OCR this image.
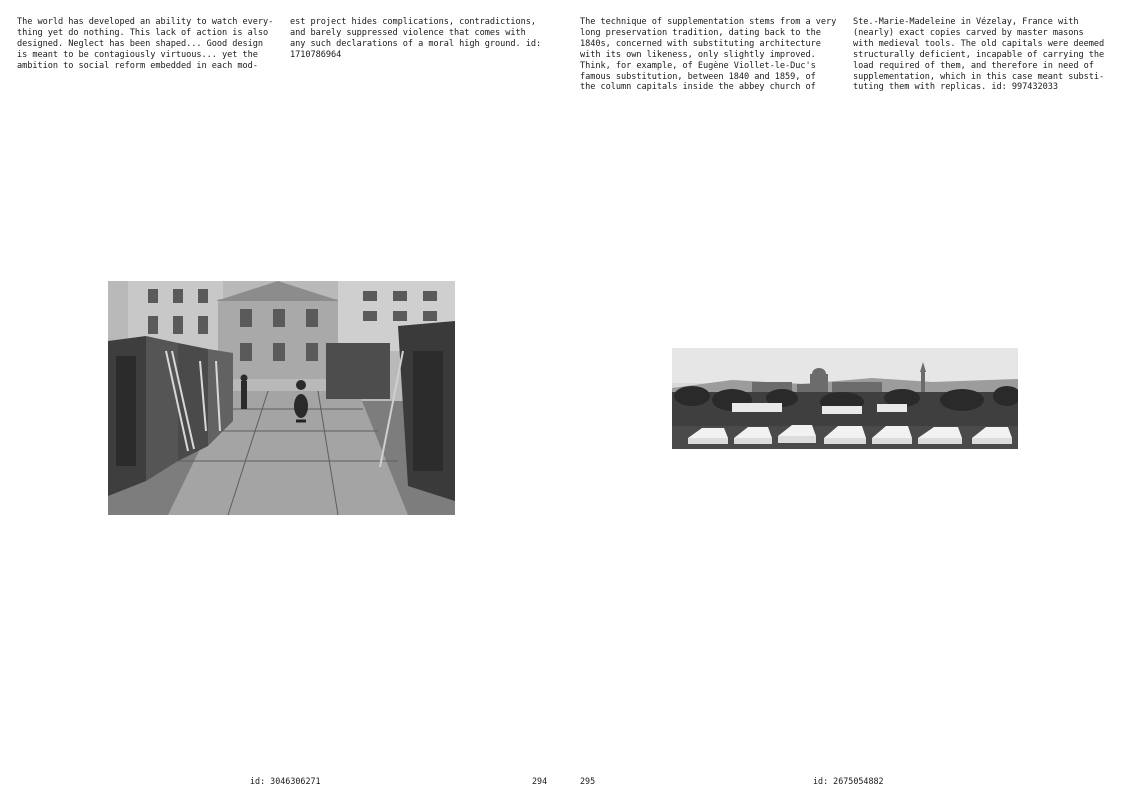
The world has developed an ability to watch every-
thing yet do nothing. This lack of action is also
designed. Neglect has been shaped... Good design
is meant to be contagiously virtuous... yet the
ambition to social reform embedded in each mod-

est project hides complications, contradictions,
and barely suppressed violence that comes with
any such declarations of a moral high ground. id:
1710786964

id: 3046306271	294

The technique of supplementation stems from a very
long preservation tradition, dating back to the
1840s, concerned with substituting architecture
with its own likeness, only slightly improved.
Think, for example, of Eugène Viollet-le-Duc's
famous substitution, between 1840 and 1859, of
the column capitals inside the abbey church of

Ste.-Marie-Madeleine in Vézelay, France with
(nearly) exact copies carved by master masons
with medieval tools. The old capitals were deemed
structurally deficient, incapable of carrying the
load required of them, and therefore in need of
supplementation, which in this case meant substi-
tuting them with replicas. id: 997432033

295	id: 2675054882
